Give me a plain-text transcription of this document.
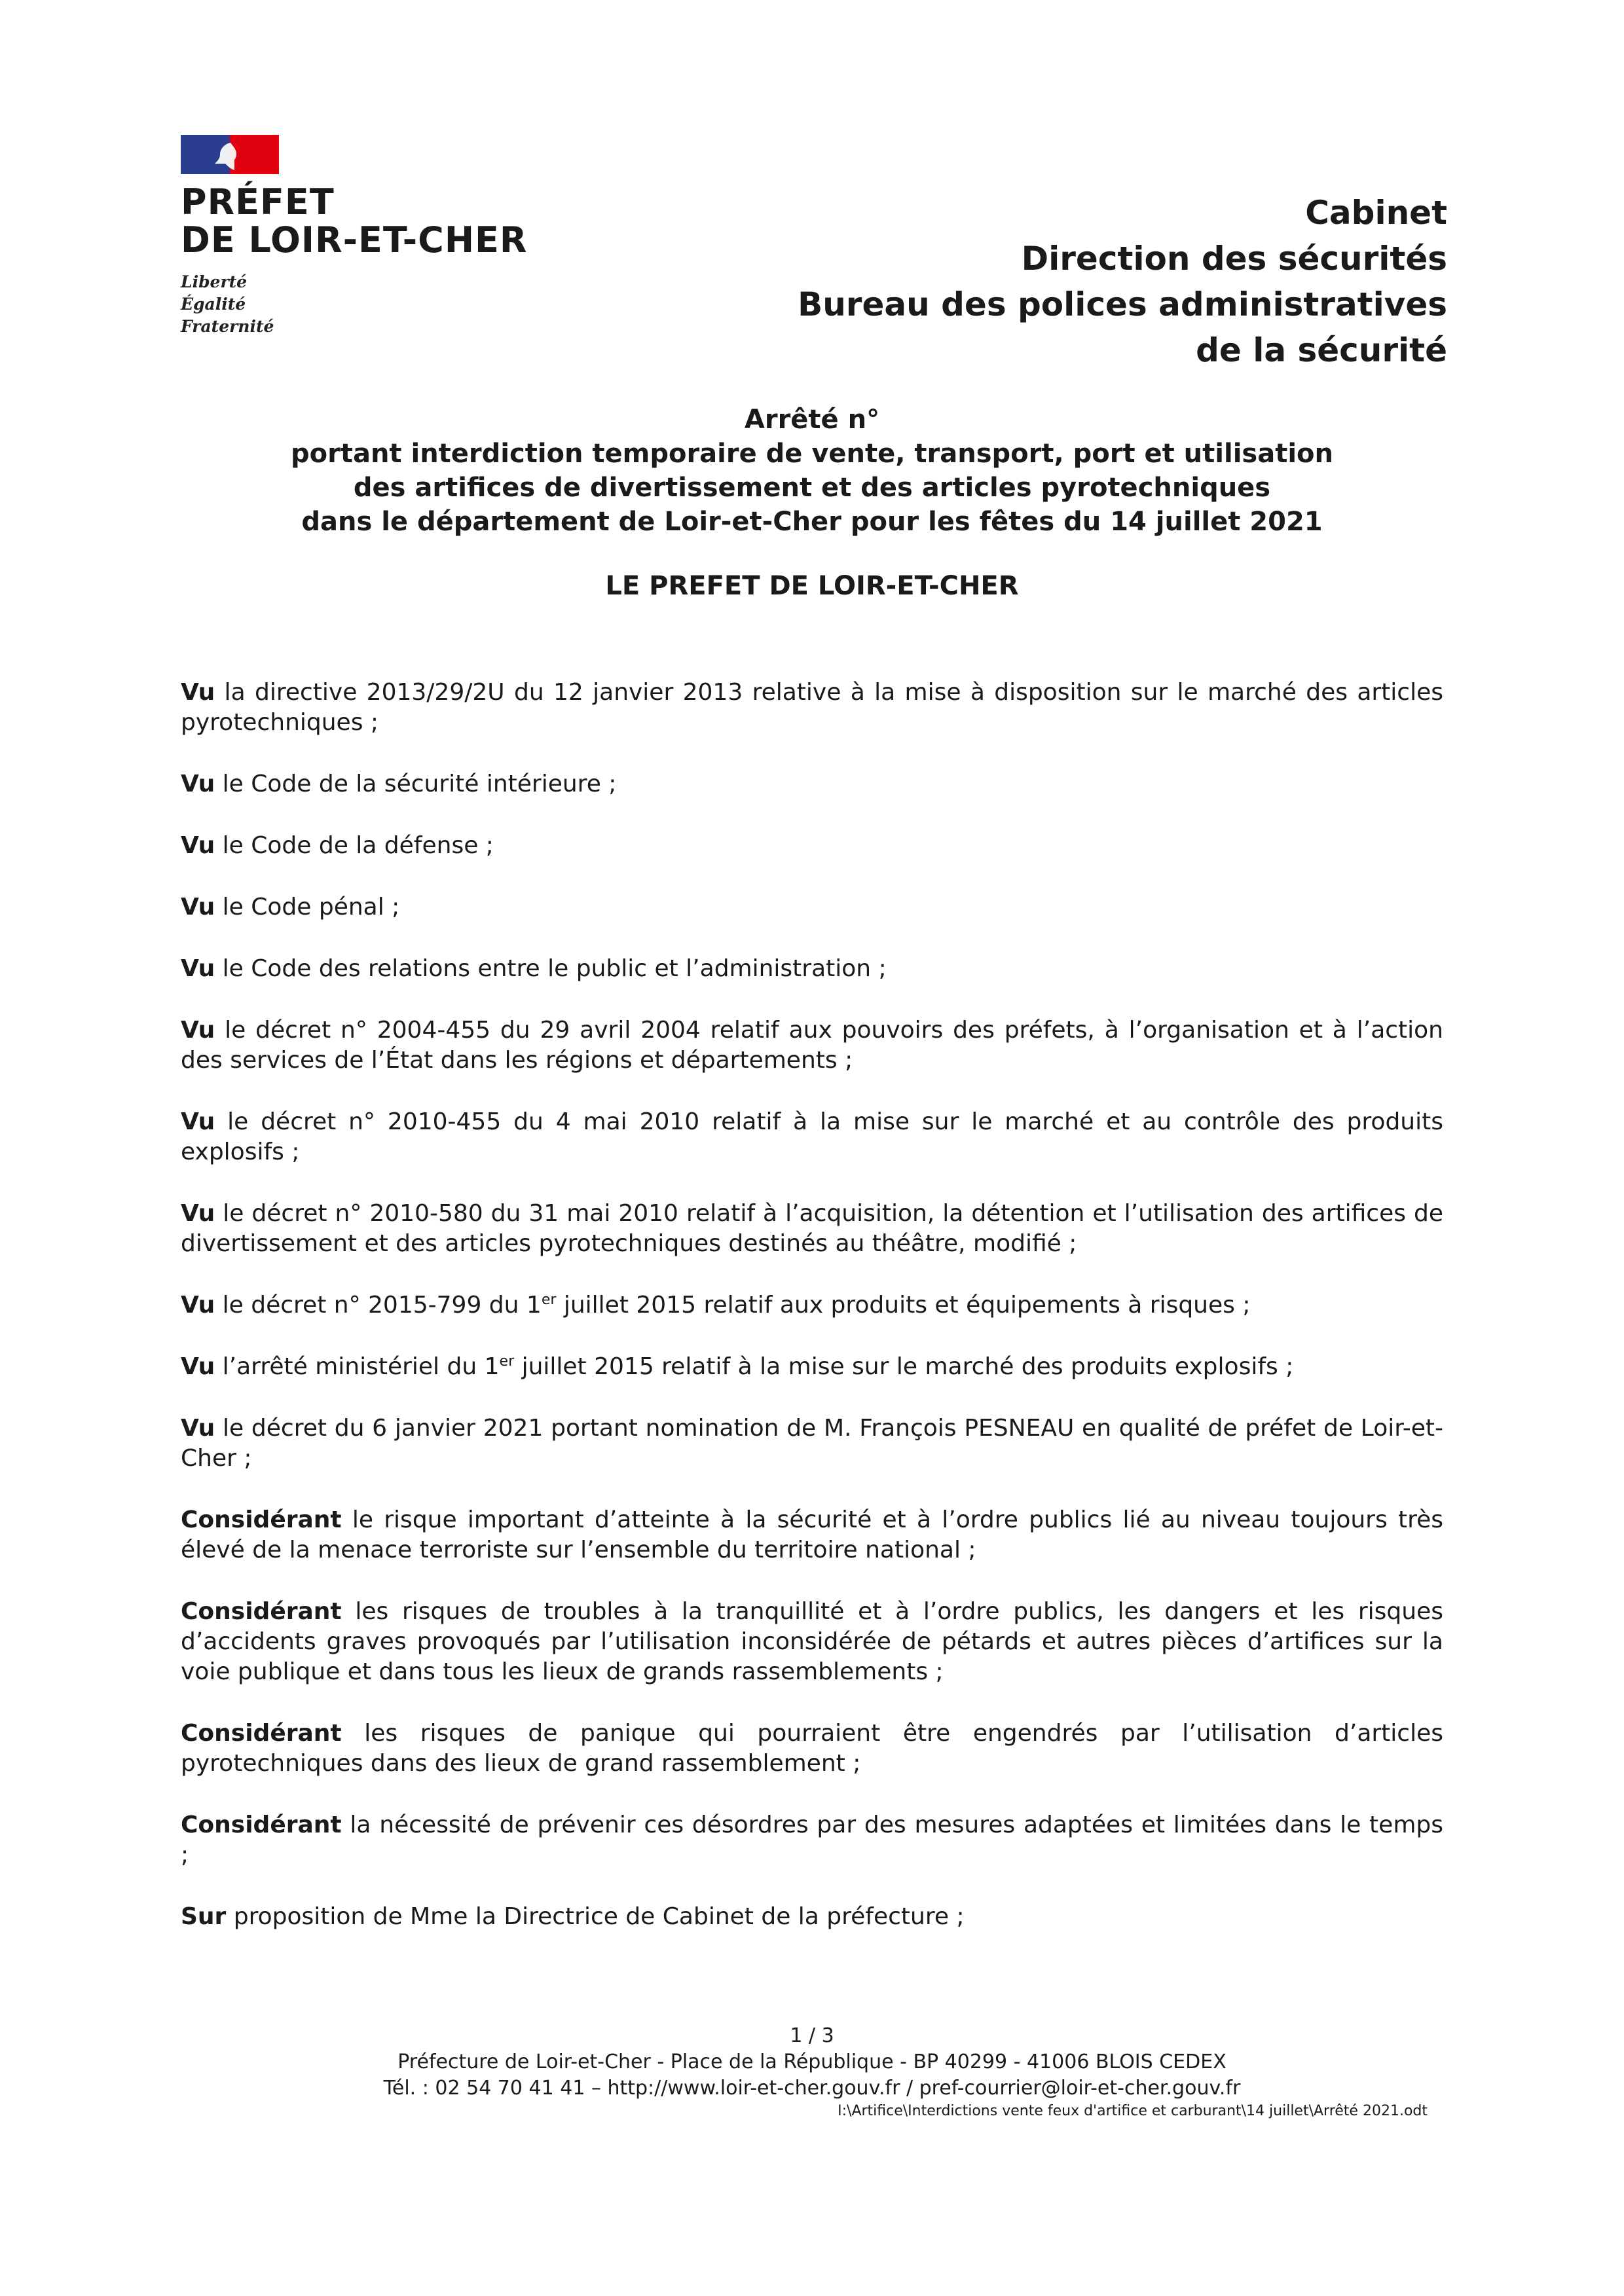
PRÉFET
DE LOIR-ET-CHER
Liberté
Égalité
Fraternité
Cabinet
Direction des sécurités
Bureau des polices administratives
de la sécurité
Arrêté n°
portant interdiction temporaire de vente, transport, port et utilisation
des artifices de divertissement et des articles pyrotechniques
dans le département de Loir-et-Cher pour les fêtes du 14 juillet 2021
LE PREFET DE LOIR-ET-CHER

Vu la directive 2013/29/2U du 12 janvier 2013 relative à la mise à disposition sur le marché des articles pyrotechniques ;

Vu le Code de la sécurité intérieure ;

Vu le Code de la défense ;

Vu le Code pénal ;

Vu le Code des relations entre le public et l’administration ;

Vu le décret n° 2004-455 du 29 avril 2004 relatif aux pouvoirs des préfets, à l’organisation et à l’action des services de l’État dans les régions et départements ;

Vu le décret n° 2010-455 du 4 mai 2010 relatif à la mise sur le marché et au contrôle des produits explosifs ;

Vu le décret n° 2010-580 du 31 mai 2010 relatif à l’acquisition, la détention et l’utilisation des artifices de divertissement et des articles pyrotechniques destinés au théâtre, modifié ;

Vu le décret n° 2015-799 du 1er juillet 2015 relatif aux produits et équipements à risques ;

Vu l’arrêté ministériel du 1er juillet 2015 relatif à la mise sur le marché des produits explosifs ;

Vu le décret du 6 janvier 2021 portant nomination de M. François PESNEAU en qualité de préfet de Loir-et-Cher ;

Considérant le risque important d’atteinte à la sécurité et à l’ordre publics lié au niveau toujours très élevé de la menace terroriste sur l’ensemble du territoire national ;

Considérant les risques de troubles à la tranquillité et à l’ordre publics, les dangers et les risques d’accidents graves provoqués par l’utilisation inconsidérée de pétards et autres pièces d’artifices sur la voie publique et dans tous les lieux de grands rassemblements ;

Considérant les risques de panique qui pourraient être engendrés par l’utilisation d’articles pyrotechniques dans des lieux de grand rassemblement ;

Considérant la nécessité de prévenir ces désordres par des mesures adaptées et limitées dans le temps ;

Sur proposition de Mme la Directrice de Cabinet de la préfecture ;

1 / 3
Préfecture de Loir-et-Cher - Place de la République - BP 40299 - 41006 BLOIS CEDEX
Tél. : 02 54 70 41 41 – http://www.loir-et-cher.gouv.fr / pref-courrier@loir-et-cher.gouv.fr
I:\Artifice\Interdictions vente feux d'artifice et carburant\14 juillet\Arrêté 2021.odt
